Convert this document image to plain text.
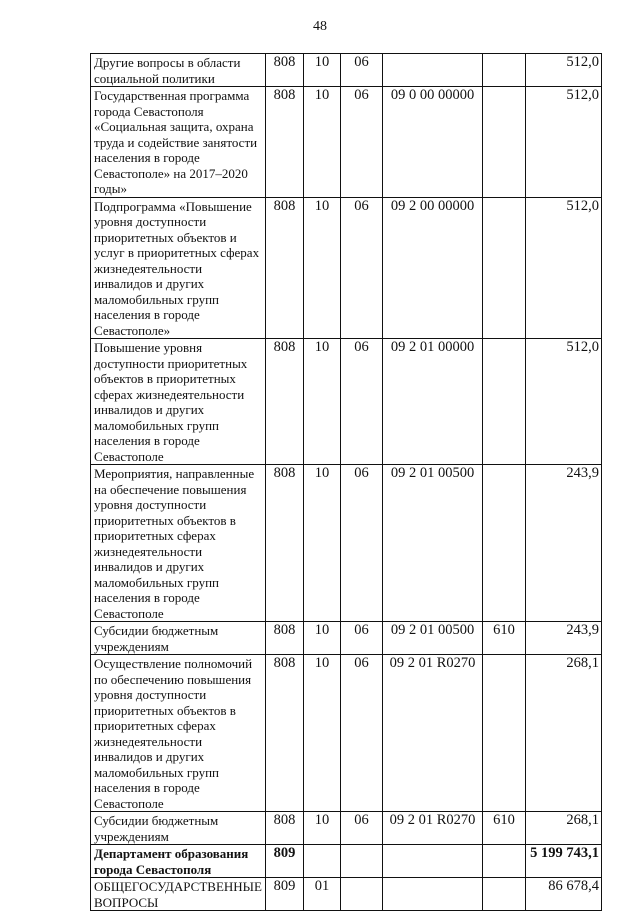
48
Другие вопросы в области социальной политики	808	10	06			512,0
Государственная программа города Севастополя «Социальная защита, охрана труда и содействие занятости населения в городе Севастополе» на 2017–2020 годы»	808	10	06	09 0 00 00000		512,0
Подпрограмма «Повышение уровня доступности приоритетных объектов и услуг в приоритетных сферах жизнедеятельности инвалидов и других маломобильных групп населения в городе Севастополе»	808	10	06	09 2 00 00000		512,0
Повышение уровня доступности приоритетных объектов в приоритетных сферах жизнедеятельности инвалидов и других маломобильных групп населения в городе Севастополе	808	10	06	09 2 01 00000		512,0
Мероприятия, направленные на обеспечение повышения уровня доступности приоритетных объектов в приоритетных сферах жизнедеятельности инвалидов и других маломобильных групп населения в городе Севастополе	808	10	06	09 2 01 00500		243,9
Субсидии бюджетным учреждениям	808	10	06	09 2 01 00500	610	243,9
Осуществление полномочий по обеспечению повышения уровня доступности приоритетных объектов в приоритетных сферах жизнедеятельности инвалидов и других маломобильных групп населения в городе Севастополе	808	10	06	09 2 01 R0270		268,1
Субсидии бюджетным учреждениям	808	10	06	09 2 01 R0270	610	268,1
Департамент образования города Севастополя	809					5 199 743,1
ОБЩЕГОСУДАРСТВЕННЫЕ ВОПРОСЫ	809	01				86 678,4
